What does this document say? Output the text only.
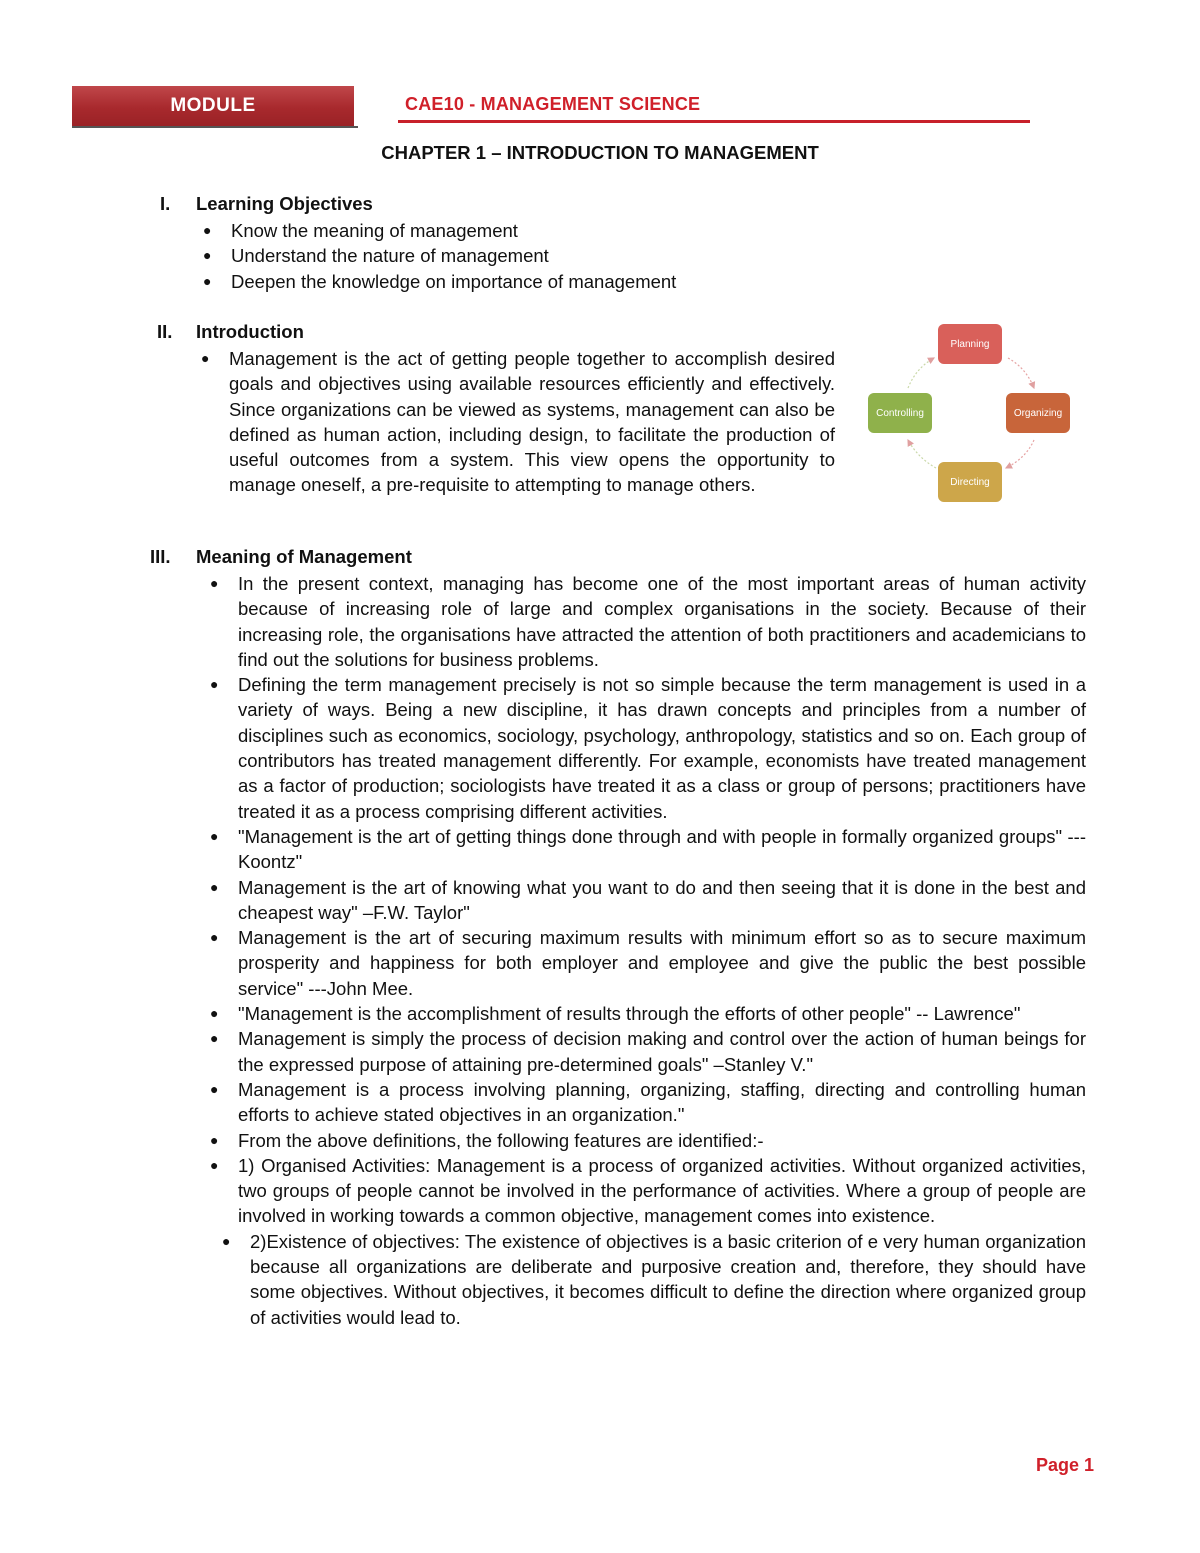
MODULE	CAE10 - MANAGEMENT SCIENCE
CHAPTER 1 – INTRODUCTION TO MANAGEMENT
I. Learning Objectives
● Know the meaning of management
● Understand the nature of management
● Deepen the knowledge on importance of management
II. Introduction
● Management is the act of getting people together to accomplish desired goals and objectives using available resources efficiently and effectively. Since organizations can be viewed as systems, management can also be defined as human action, including design, to facilitate the production of useful outcomes from a system. This view opens the opportunity to manage oneself, a pre-requisite to attempting to manage others.
Planning
Organizing
Directing
Controlling
III. Meaning of Management
● In the present context, managing has become one of the most important areas of human activity because of increasing role of large and complex organisations in the society. Because of their increasing role, the organisations have attracted the attention of both practitioners and academicians to find out the solutions for business problems.
● Defining the term management precisely is not so simple because the term management is used in a variety of ways. Being a new discipline, it has drawn concepts and principles from a number of disciplines such as economics, sociology, psychology, anthropology, statistics and so on. Each group of contributors has treated management differently. For example, economists have treated management as a factor of production; sociologists have treated it as a class or group of persons; practitioners have treated it as a process comprising different activities.
● "Management is the art of getting things done through and with people in formally organized groups" ---Koontz"
● Management is the art of knowing what you want to do and then seeing that it is done in the best and cheapest way" –F.W. Taylor"
● Management is the art of securing maximum results with minimum effort so as to secure maximum prosperity and happiness for both employer and employee and give the public the best possible service" ---John Mee.
● "Management is the accomplishment of results through the efforts of other people" -- Lawrence"
● Management is simply the process of decision making and control over the action of human beings for the expressed purpose of attaining pre-determined goals" –Stanley V."
● Management is a process involving planning, organizing, staffing, directing and controlling human efforts to achieve stated objectives in an organization."
● From the above definitions, the following features are identified:-
● 1) Organised Activities: Management is a process of organized activities. Without organized activities, two groups of people cannot be involved in the performance of activities. Where a group of people are involved in working towards a common objective, management comes into existence.
● 2)Existence of objectives: The existence of objectives is a basic criterion of e very human organization because all organizations are deliberate and purposive creation and, therefore, they should have some objectives. Without objectives, it becomes difficult to define the direction where organized group of activities would lead to.
Page 1
